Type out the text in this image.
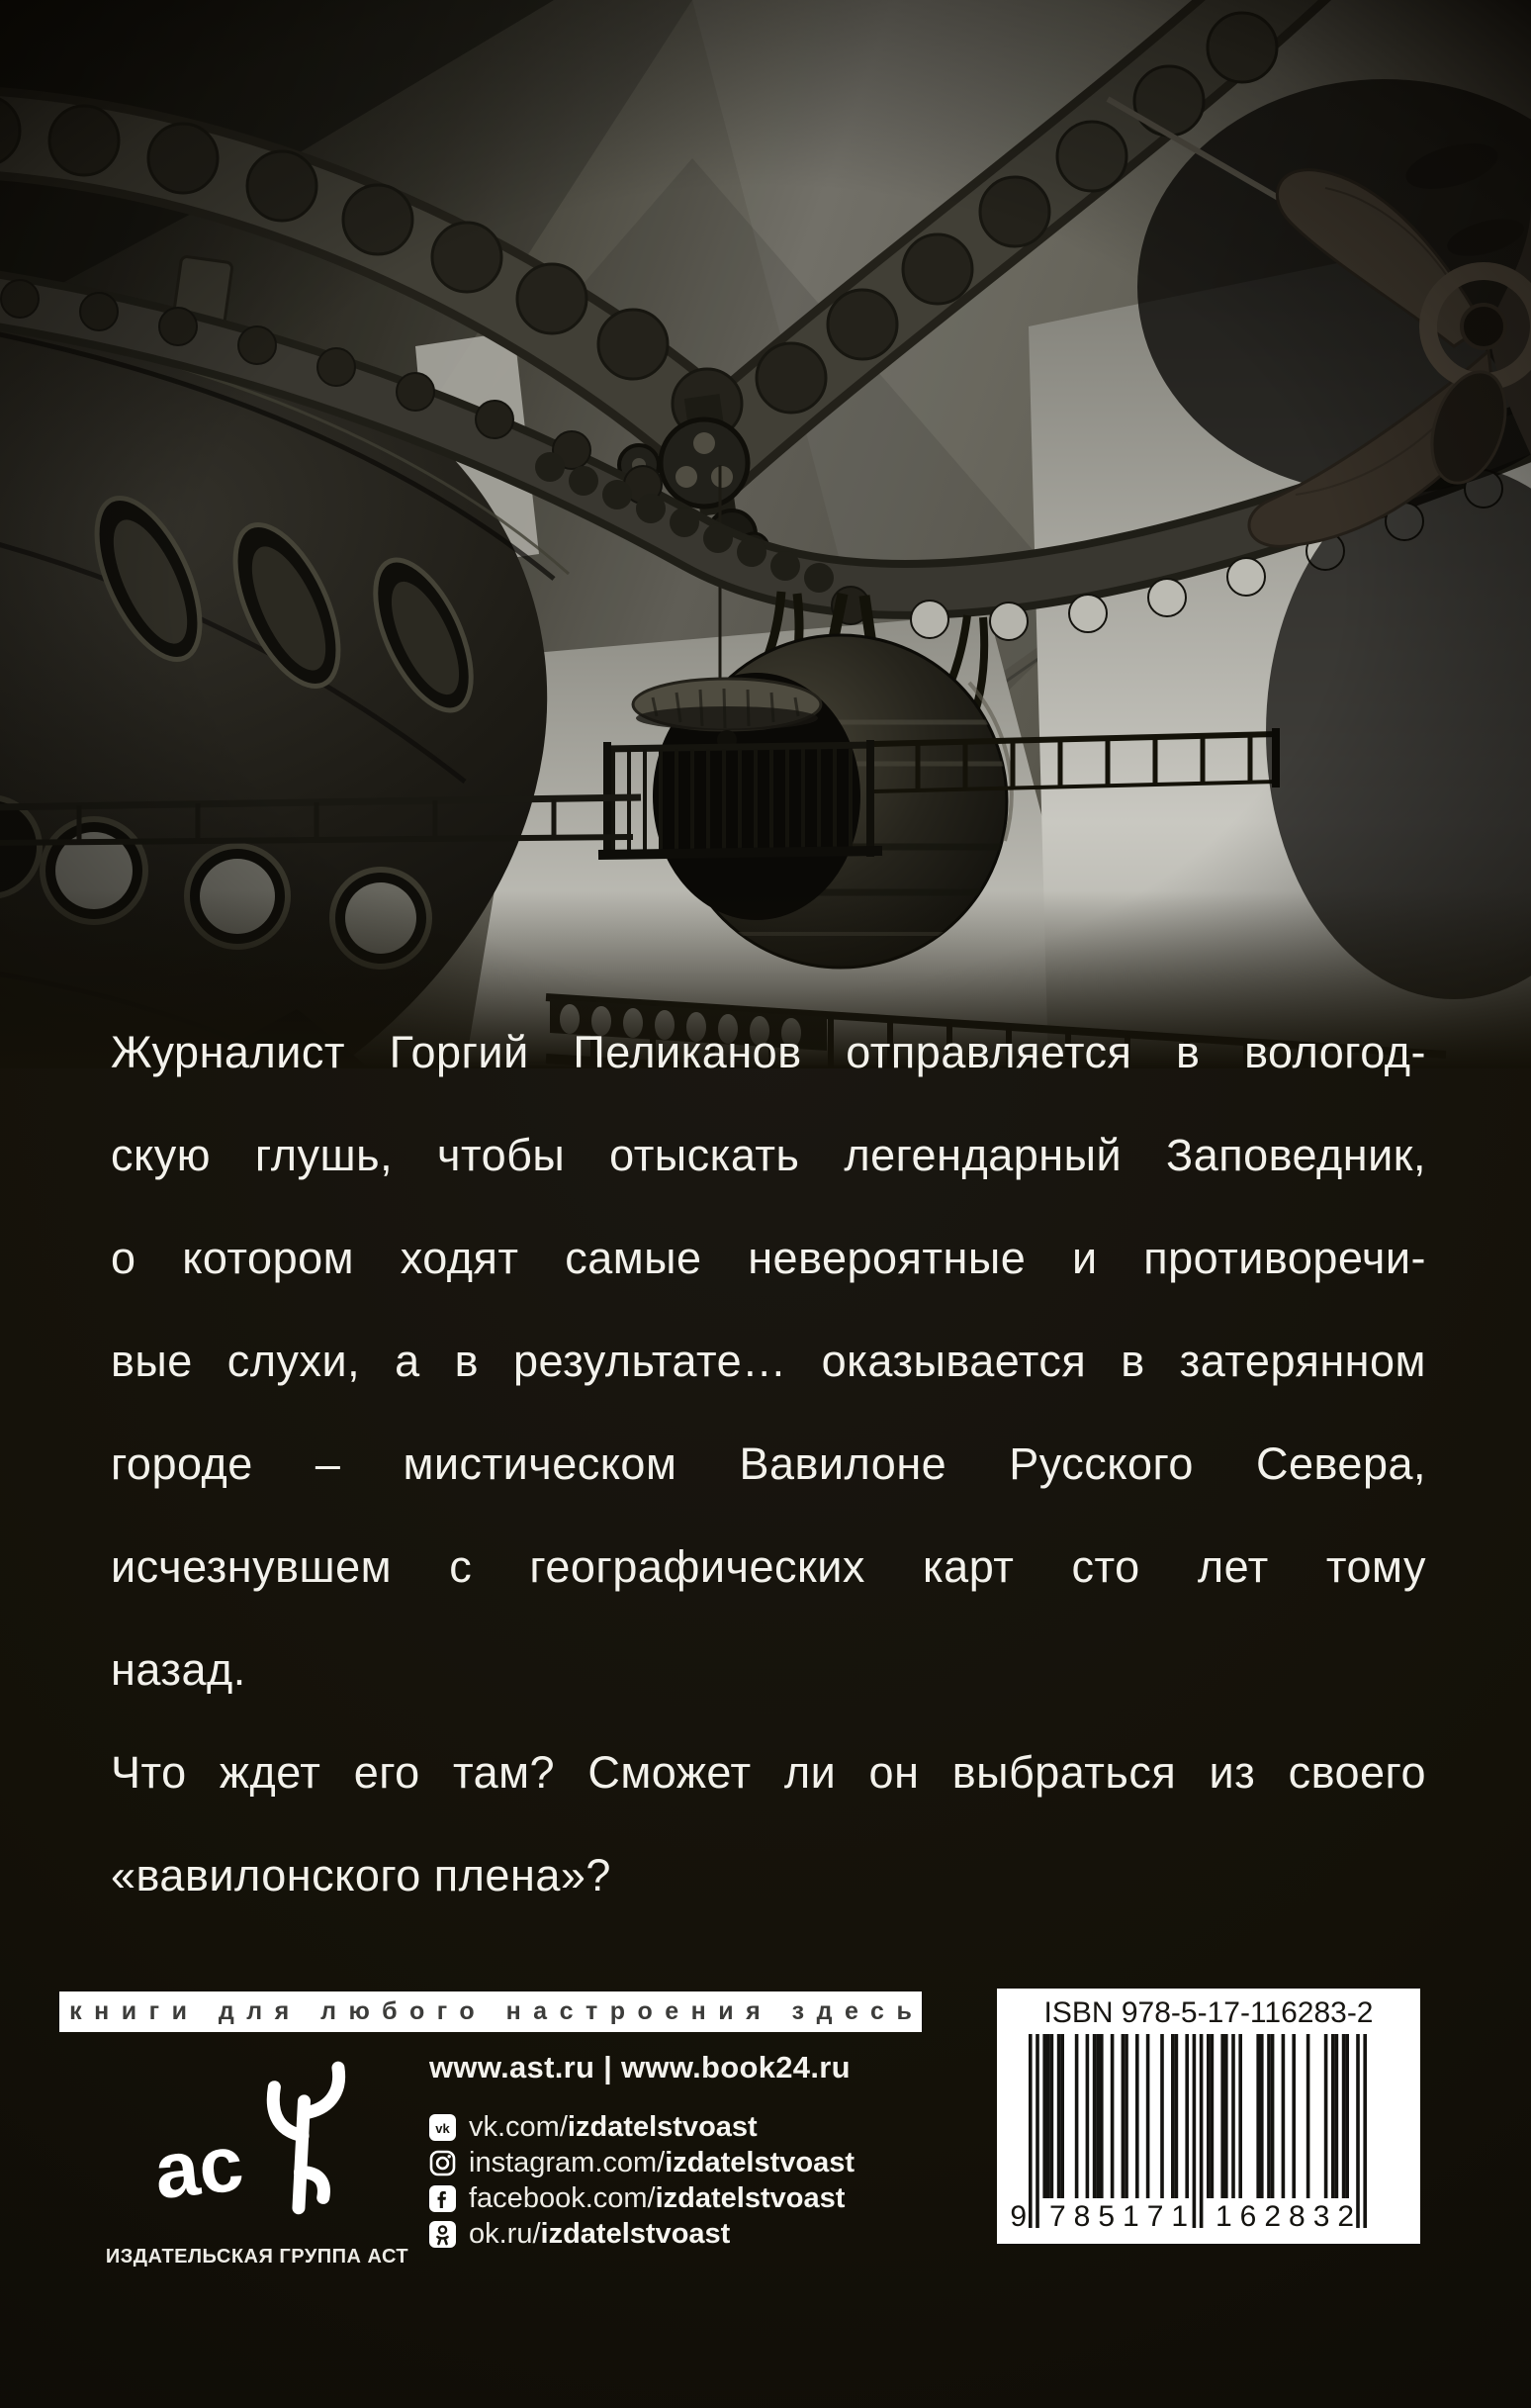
Журналист Горгий Пеликанов отправляется в вологод-
скую глушь, чтобы отыскать легендарный Заповедник,
о котором ходят самые невероятные и противоречи-
вые слухи, а в результате… оказывается в затерянном
городе – мистическом Вавилоне Русского Севера,
исчезнувшем с географических карт сто лет тому
назад.
Что ждет его там? Сможет ли он выбраться из своего
«вавилонского плена»?
книги для любого настроения здесь
ас
ИЗДАТЕЛЬСКАЯ ГРУППА АСТ
www.ast.ru | www.book24.ru
vk vk.com/ izdatelstvoast
instagram.com/ izdatelstvoast
facebook.com/ izdatelstvoast
ok.ru/ izdatelstvoast
ISBN 978-5-17-116283-2
9 785171 162832
